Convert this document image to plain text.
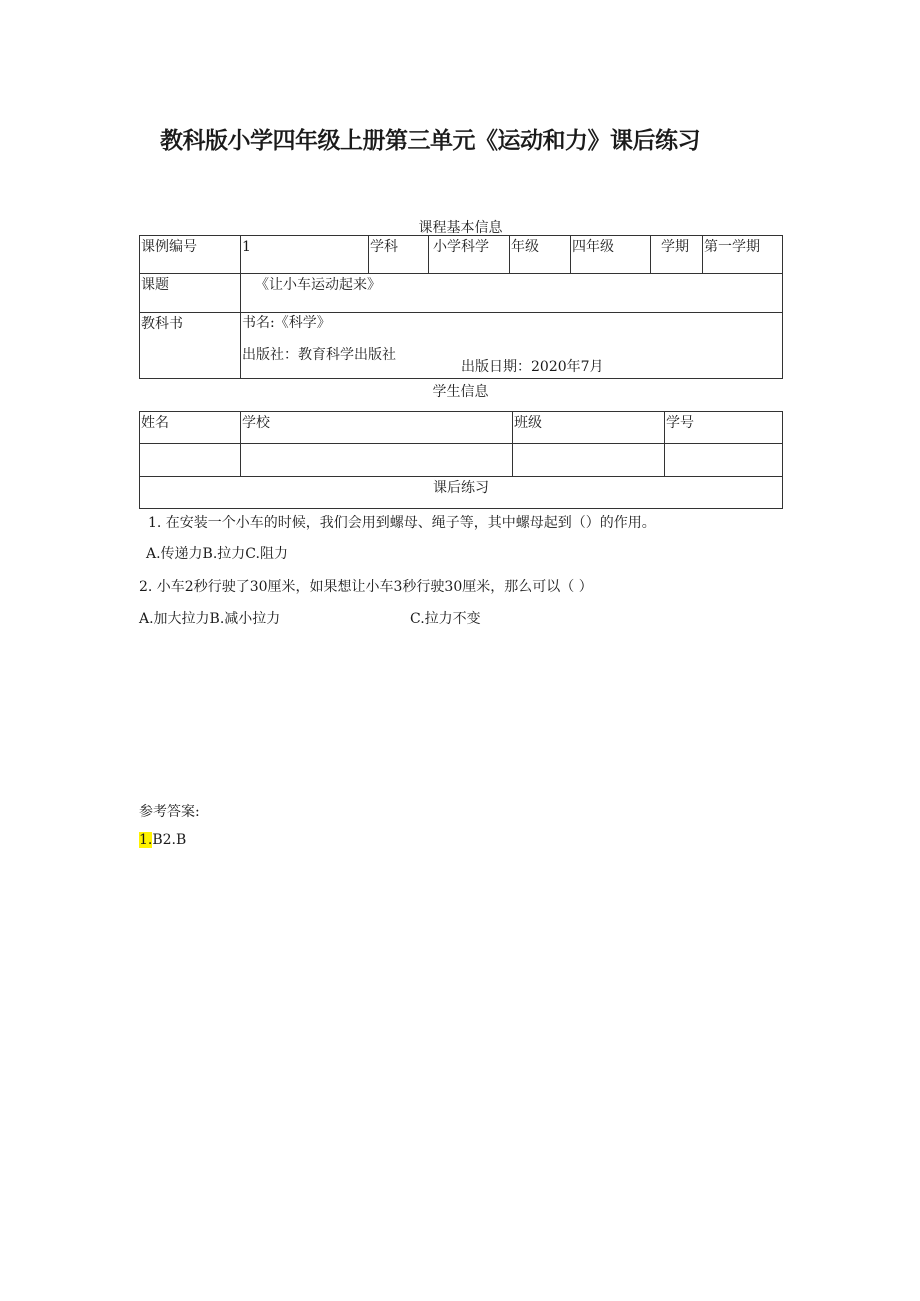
教科版小学四年级上册第三单元《运动和力》课后练习
课程基本信息
课例编号	1	学科	小学科学	年级	四年级	学期	第一学期
课题	《让小车运动起来》						
教科书	书名:《科学》
出版社：教育科学出版社
出版日期：2020年7月						
学生信息
姓名	学校	班级	学号

课后练习			
1. 在安装一个小车的时候，我们会用到螺母、绳子等，其中螺母起到（）的作用。
A.传递力B.拉力C.阻力
2. 小车2秒行驶了30厘米，如果想让小车3秒行驶30厘米，那么可以（ ）
A.加大拉力B.减小拉力	C.拉力不变
参考答案:
1.B2.B
